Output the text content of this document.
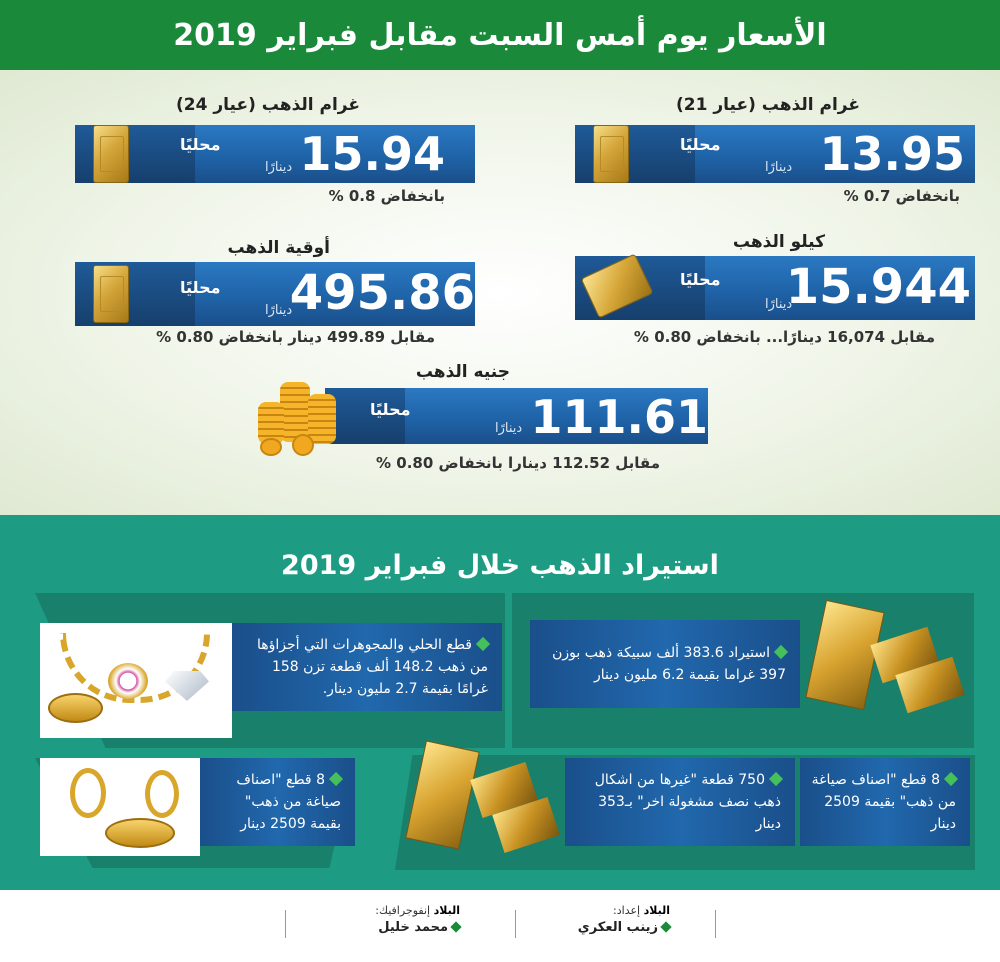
الأسعار يوم أمس السبت مقابل فبراير 2019
غرام الذهب (عيار 21)
محليًا
دينارًا 13.95
بانخفاض 0.7 %
غرام الذهب (عيار 24)
محليًا
دينارًا 15.94
بانخفاض 0.8 %
كيلو الذهب
محليًا
دينارًا
15.944
مقابل 16,074 دينارًا... بانخفاض 0.80 %
أوقية الذهب
محليًا
دينارًا
495.86
مقابل 499.89 دينار بانخفاض 0.80 %
جنيه الذهب
محليًا
دينارًا 111.61
مقابل 112.52 دينارا بانخفاض 0.80 %
استيراد الذهب خلال فبراير 2019
قطع الحلي والمجوهرات التي أجزاؤها من ذهب 148.2 ألف قطعة تزن 158 غرامًا بقيمة 2.7 مليون دينار.
استيراد 383.6 ألف سبيكة ذهب بوزن 397 غراما بقيمة 6.2 مليون دينار
8 قطع "اصناف صياغة من ذهب" بقيمة 2509 دينار
750 قطعة "غيرها من اشكال ذهب نصف مشغولة اخر" بـ353 دينار
8 قطع "اصناف صياغة من ذهب" بقيمة 2509 دينار
البلاد إعداد:
زينب العكري
البلاد إنفوجرافيك:
محمد خليل
